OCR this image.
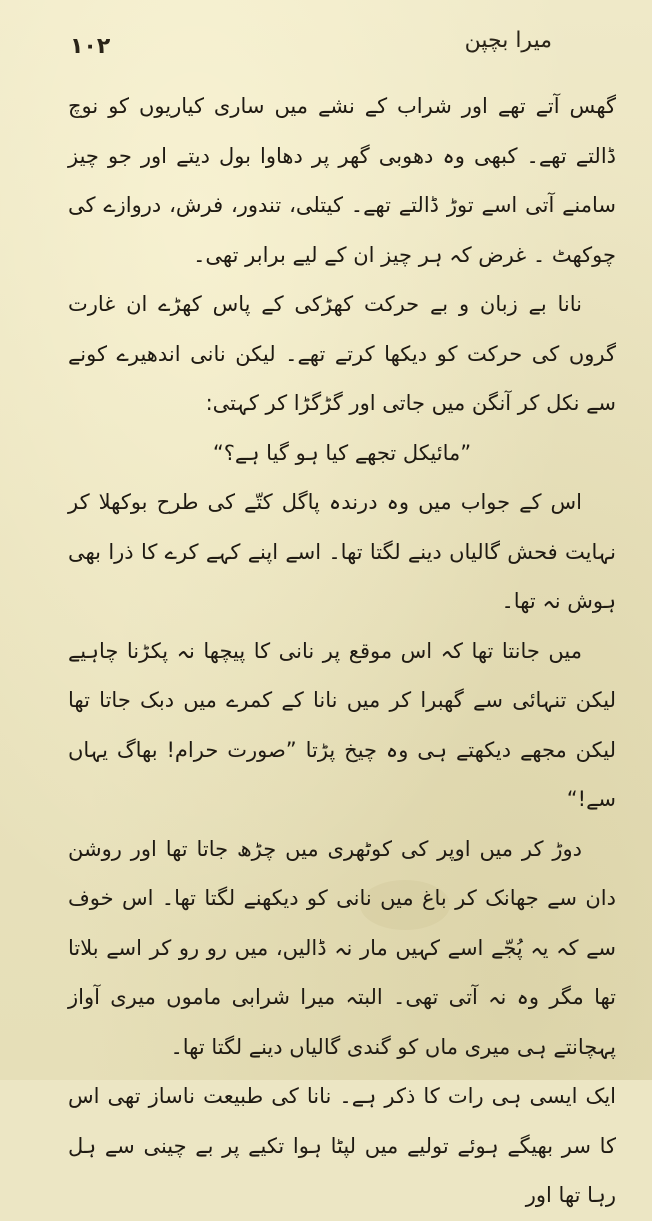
۱۰۲	میرا بچپن

گھس آتے تھے اور شراب کے نشے میں ساری کیاریوں کو نوچ ڈالتے تھے۔ کبھی وہ دھوبی گھر پر دھاوا بول دیتے اور جو چیز سامنے آتی اسے توڑ ڈالتے تھے۔ کیتلی، تندور، فرش، دروازے کی چوکھٹ ۔ غرض کہ ہر چیز ان کے لیے برابر تھی۔

نانا بے زبان و بے حرکت کھڑکی کے پاس کھڑے ان غارت گروں کی حرکت کو دیکھا کرتے تھے۔ لیکن نانی اندھیرے کونے سے نکل کر آنگن میں جاتی اور گڑگڑا کر کہتی:

”مائیکل تجھے کیا ہو گیا ہے؟“

اس کے جواب میں وہ درندہ پاگل کتّے کی طرح بوکھلا کر نہایت فحش گالیاں دینے لگتا تھا۔ اسے اپنے کہے کرے کا ذرا بھی ہوش نہ تھا۔

میں جانتا تھا کہ اس موقع پر نانی کا پیچھا نہ پکڑنا چاہیے لیکن تنہائی سے گھبرا کر میں نانا کے کمرے میں دبک جاتا تھا لیکن مجھے دیکھتے ہی وہ چیخ پڑتا ”صورت حرام! بھاگ یہاں سے!“

دوڑ کر میں اوپر کی کوٹھری میں چڑھ جاتا تھا اور روشن دان سے جھانک کر باغ میں نانی کو دیکھنے لگتا تھا۔ اس خوف سے کہ یہ پُجّے اسے کہیں مار نہ ڈالیں، میں رو رو کر اسے بلاتا تھا مگر وہ نہ آتی تھی۔ البتہ میرا شرابی ماموں میری آواز پہچانتے ہی میری ماں کو گندی گالیاں دینے لگتا تھا۔

ایک ایسی ہی رات کا ذکر ہے۔ نانا کی طبیعت ناساز تھی اس کا سر بھیگے ہوئے تولیے میں لپٹا ہوا تکیے پر بے چینی سے ہل رہا تھا اور
